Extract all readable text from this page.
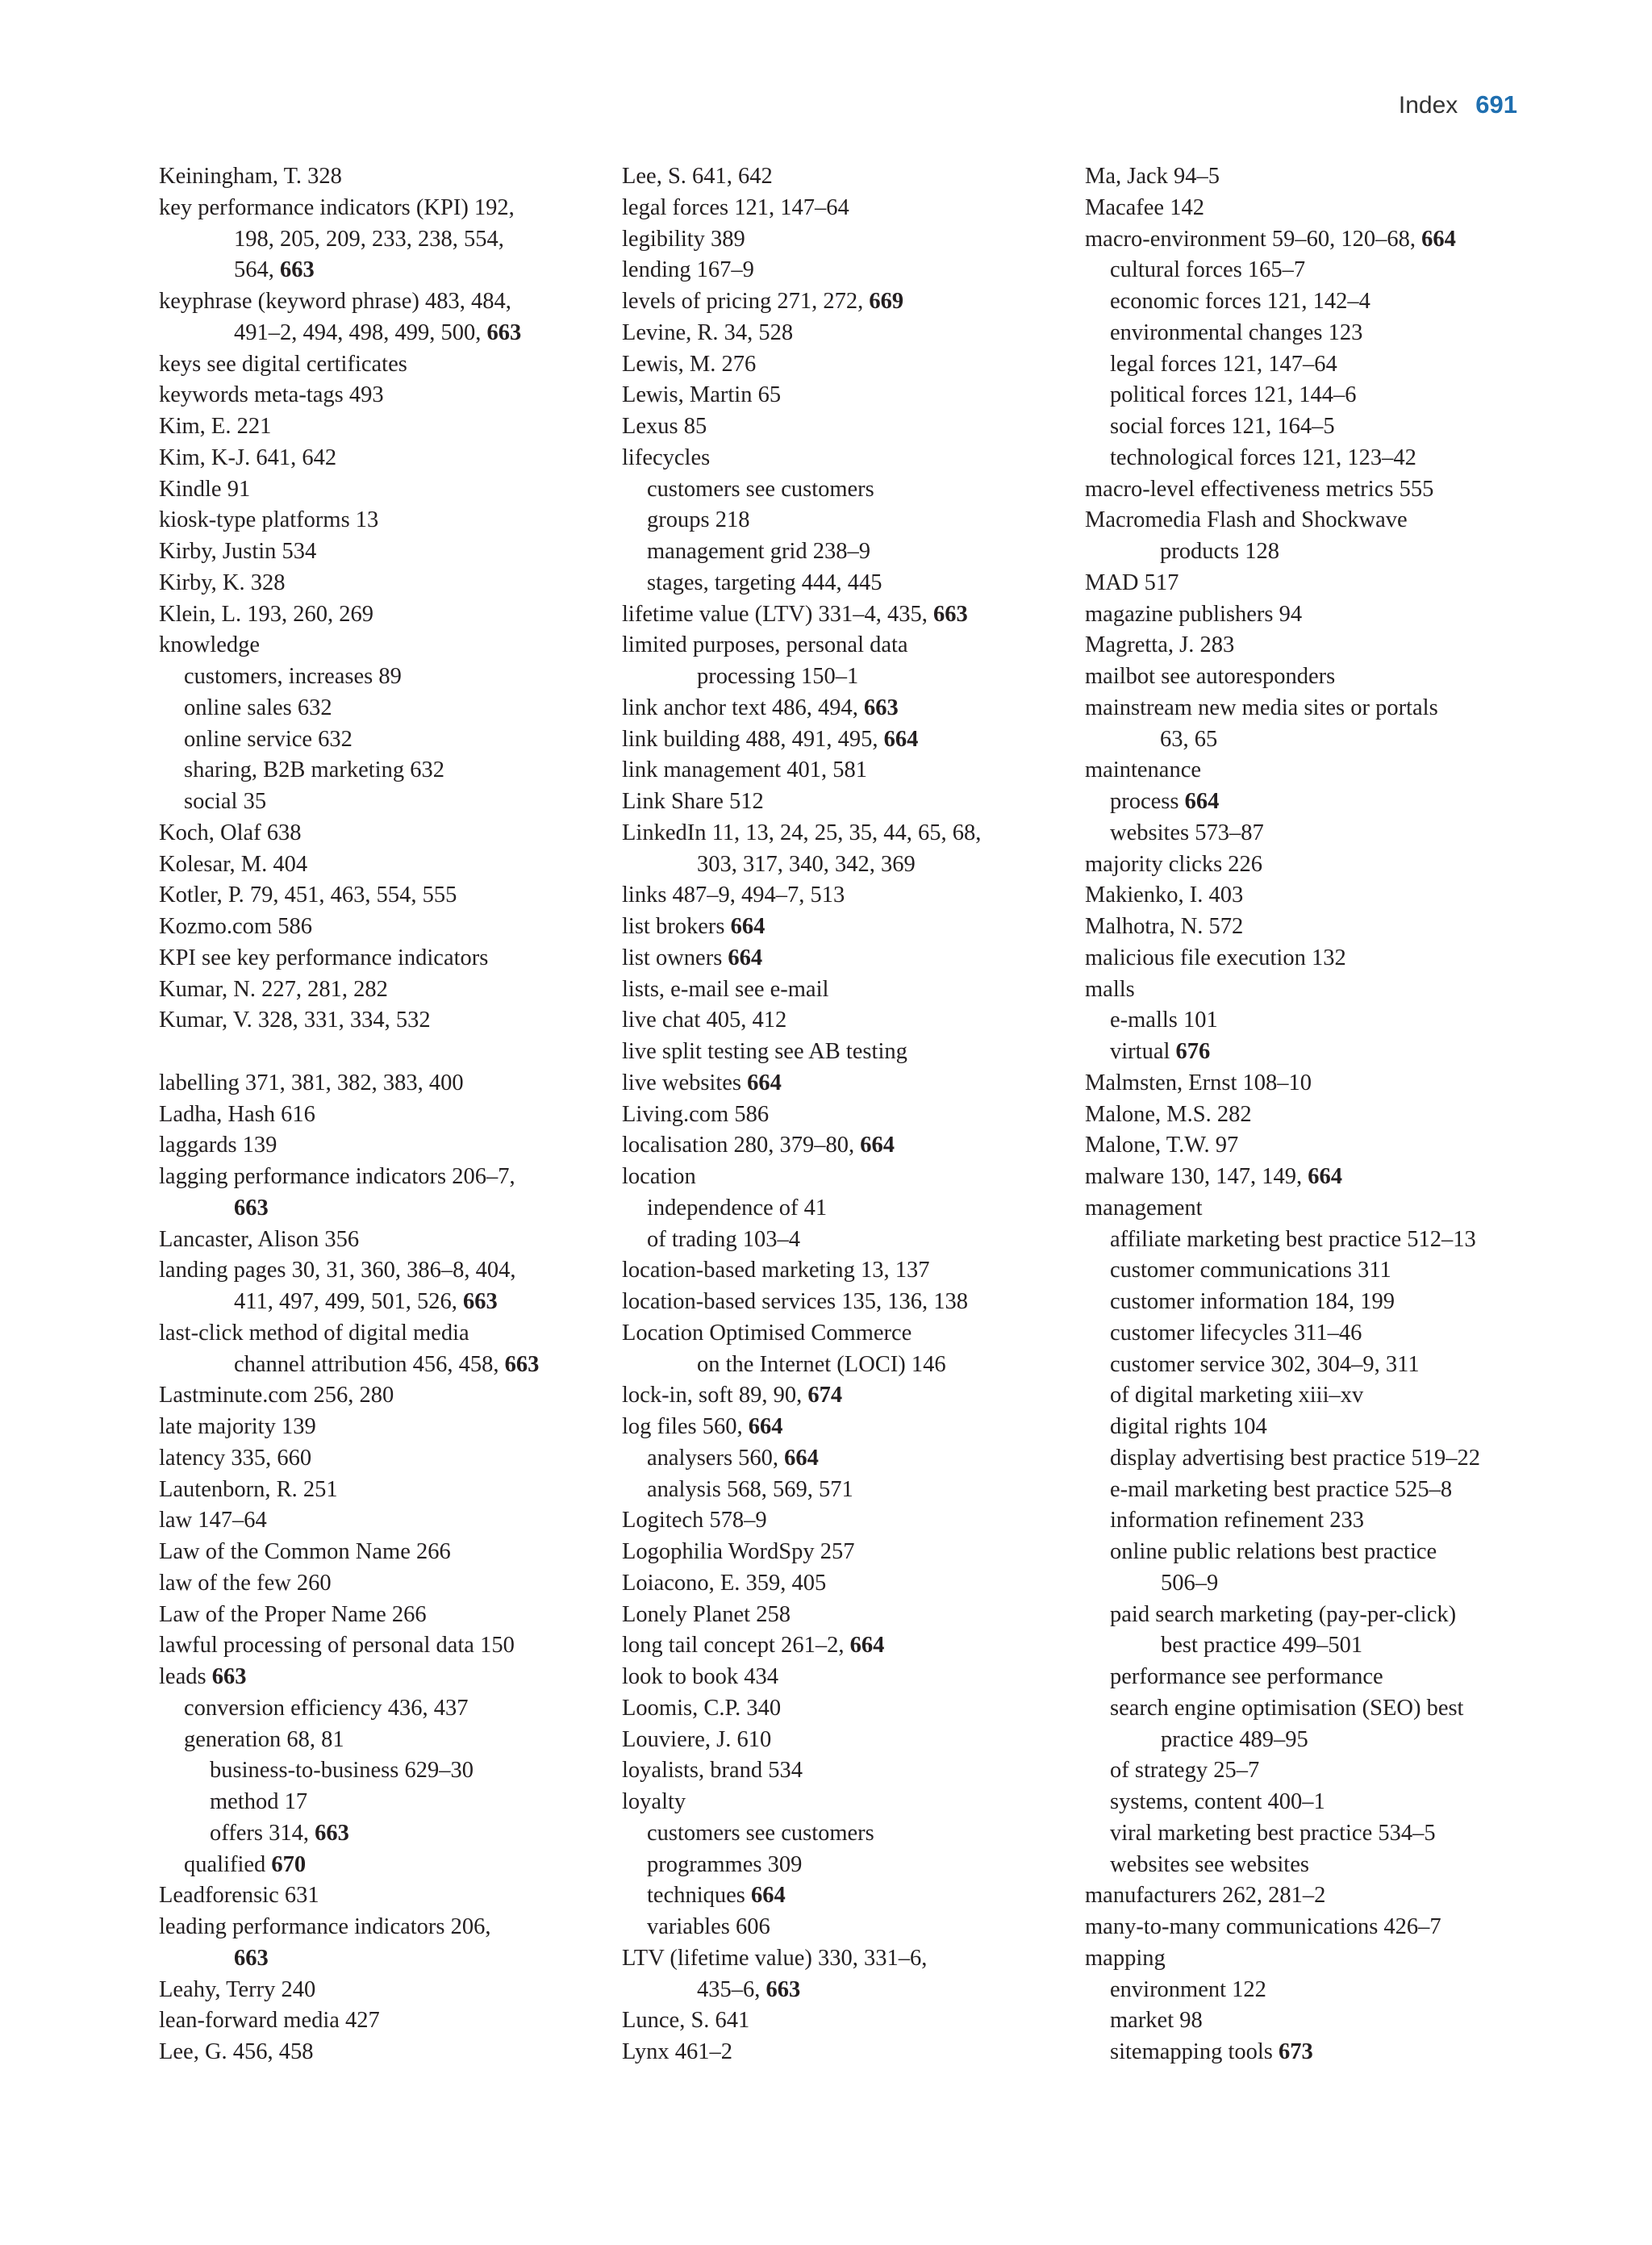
Index 691
Keiningham, T. 328
key performance indicators (KPI) 192,
198, 205, 209, 233, 238, 554,
564, 663
keyphrase (keyword phrase) 483, 484,
491–2, 494, 498, 499, 500, 663
keys see digital certificates
keywords meta-tags 493
Kim, E. 221
Kim, K-J. 641, 642
Kindle 91
kiosk-type platforms 13
Kirby, Justin 534
Kirby, K. 328
Klein, L. 193, 260, 269
knowledge
customers, increases 89
online sales 632
online service 632
sharing, B2B marketing 632
social 35
Koch, Olaf 638
Kolesar, M. 404
Kotler, P. 79, 451, 463, 554, 555
Kozmo.com 586
KPI see key performance indicators
Kumar, N. 227, 281, 282
Kumar, V. 328, 331, 334, 532
labelling 371, 381, 382, 383, 400
Ladha, Hash 616
laggards 139
lagging performance indicators 206–7,
663
Lancaster, Alison 356
landing pages 30, 31, 360, 386–8, 404,
411, 497, 499, 501, 526, 663
last-click method of digital media
channel attribution 456, 458, 663
Lastminute.com 256, 280
late majority 139
latency 335, 660
Lautenborn, R. 251
law 147–64
Law of the Common Name 266
law of the few 260
Law of the Proper Name 266
lawful processing of personal data 150
leads 663
conversion efficiency 436, 437
generation 68, 81
business-to-business 629–30
method 17
offers 314, 663
qualified 670
Leadforensic 631
leading performance indicators 206,
663
Leahy, Terry 240
lean-forward media 427
Lee, G. 456, 458
Lee, S. 641, 642
legal forces 121, 147–64
legibility 389
lending 167–9
levels of pricing 271, 272, 669
Levine, R. 34, 528
Lewis, M. 276
Lewis, Martin 65
Lexus 85
lifecycles
customers see customers
groups 218
management grid 238–9
stages, targeting 444, 445
lifetime value (LTV) 331–4, 435, 663
limited purposes, personal data
processing 150–1
link anchor text 486, 494, 663
link building 488, 491, 495, 664
link management 401, 581
Link Share 512
LinkedIn 11, 13, 24, 25, 35, 44, 65, 68,
303, 317, 340, 342, 369
links 487–9, 494–7, 513
list brokers 664
list owners 664
lists, e-mail see e-mail
live chat 405, 412
live split testing see AB testing
live websites 664
Living.com 586
localisation 280, 379–80, 664
location
independence of 41
of trading 103–4
location-based marketing 13, 137
location-based services 135, 136, 138
Location Optimised Commerce
on the Internet (LOCI) 146
lock-in, soft 89, 90, 674
log files 560, 664
analysers 560, 664
analysis 568, 569, 571
Logitech 578–9
Logophilia WordSpy 257
Loiacono, E. 359, 405
Lonely Planet 258
long tail concept 261–2, 664
look to book 434
Loomis, C.P. 340
Louviere, J. 610
loyalists, brand 534
loyalty
customers see customers
programmes 309
techniques 664
variables 606
LTV (lifetime value) 330, 331–6,
435–6, 663
Lunce, S. 641
Lynx 461–2
Ma, Jack 94–5
Macafee 142
macro-environment 59–60, 120–68, 664
cultural forces 165–7
economic forces 121, 142–4
environmental changes 123
legal forces 121, 147–64
political forces 121, 144–6
social forces 121, 164–5
technological forces 121, 123–42
macro-level effectiveness metrics 555
Macromedia Flash and Shockwave
products 128
MAD 517
magazine publishers 94
Magretta, J. 283
mailbot see autoresponders
mainstream new media sites or portals
63, 65
maintenance
process 664
websites 573–87
majority clicks 226
Makienko, I. 403
Malhotra, N. 572
malicious file execution 132
malls
e-malls 101
virtual 676
Malmsten, Ernst 108–10
Malone, M.S. 282
Malone, T.W. 97
malware 130, 147, 149, 664
management
affiliate marketing best practice 512–13
customer communications 311
customer information 184, 199
customer lifecycles 311–46
customer service 302, 304–9, 311
of digital marketing xiii–xv
digital rights 104
display advertising best practice 519–22
e-mail marketing best practice 525–8
information refinement 233
online public relations best practice
506–9
paid search marketing (pay-per-click)
best practice 499–501
performance see performance
search engine optimisation (SEO) best
practice 489–95
of strategy 25–7
systems, content 400–1
viral marketing best practice 534–5
websites see websites
manufacturers 262, 281–2
many-to-many communications 426–7
mapping
environment 122
market 98
sitemapping tools 673
